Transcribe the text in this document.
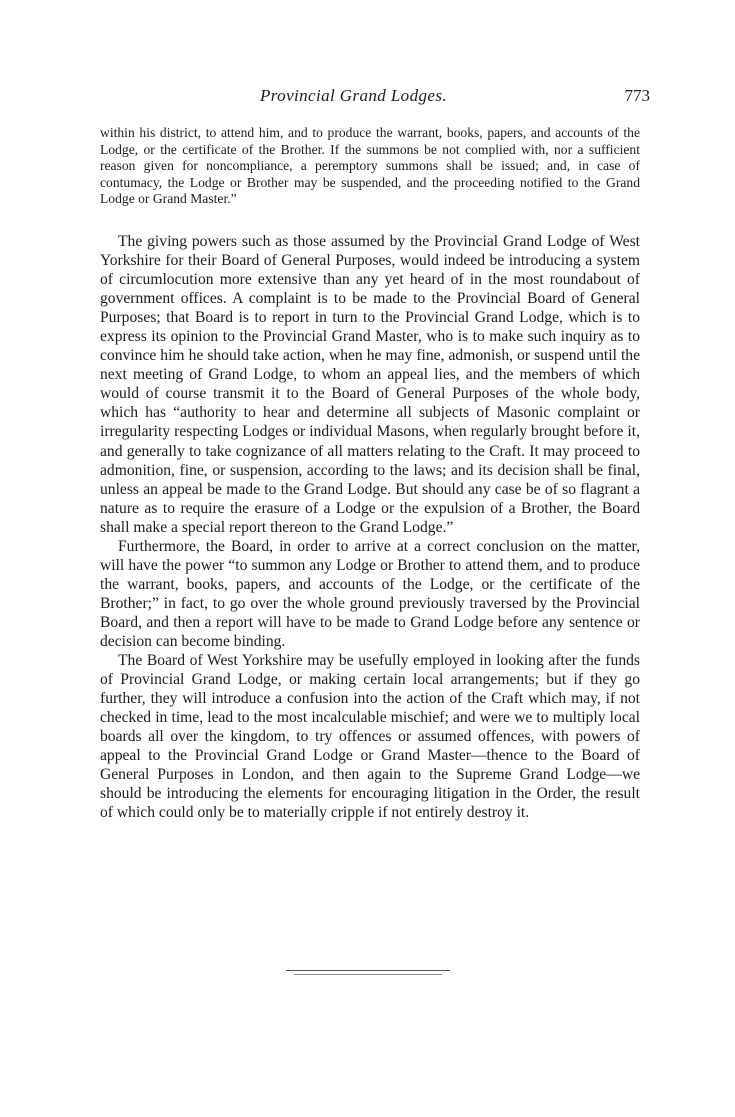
Provincial Grand Lodges.	773

within his district, to attend him, and to produce the warrant, books, papers, and accounts of the Lodge, or the certificate of the Brother. If the summons be not complied with, nor a sufficient reason given for noncompliance, a peremptory summons shall be issued; and, in case of contumacy, the Lodge or Brother may be suspended, and the proceeding notified to the Grand Lodge or Grand Master.”

The giving powers such as those assumed by the Provincial Grand Lodge of West Yorkshire for their Board of General Purposes, would indeed be introducing a system of circumlocution more extensive than any yet heard of in the most roundabout of government offices. A complaint is to be made to the Provincial Board of General Purposes; that Board is to report in turn to the Provincial Grand Lodge, which is to express its opinion to the Provincial Grand Master, who is to make such inquiry as to convince him he should take action, when he may fine, admonish, or suspend until the next meeting of Grand Lodge, to whom an appeal lies, and the members of which would of course transmit it to the Board of General Purposes of the whole body, which has “authority to hear and determine all subjects of Masonic complaint or irregularity respecting Lodges or individual Masons, when regularly brought before it, and generally to take cognizance of all matters relating to the Craft. It may proceed to admonition, fine, or suspension, according to the laws; and its decision shall be final, unless an appeal be made to the Grand Lodge. But should any case be of so flagrant a nature as to require the erasure of a Lodge or the expulsion of a Brother, the Board shall make a special report thereon to the Grand Lodge.”

Furthermore, the Board, in order to arrive at a correct conclusion on the matter, will have the power “to summon any Lodge or Brother to attend them, and to produce the warrant, books, papers, and accounts of the Lodge, or the certificate of the Brother;” in fact, to go over the whole ground previously traversed by the Provincial Board, and then a report will have to be made to Grand Lodge before any sentence or decision can become binding.

The Board of West Yorkshire may be usefully employed in looking after the funds of Provincial Grand Lodge, or making certain local arrangements; but if they go further, they will introduce a confusion into the action of the Craft which may, if not checked in time, lead to the most incalculable mischief; and were we to multiply local boards all over the kingdom, to try offences or assumed offences, with powers of appeal to the Provincial Grand Lodge or Grand Master—thence to the Board of General Purposes in London, and then again to the Supreme Grand Lodge—we should be introducing the elements for encouraging litigation in the Order, the result of which could only be to materially cripple if not entirely destroy it.
